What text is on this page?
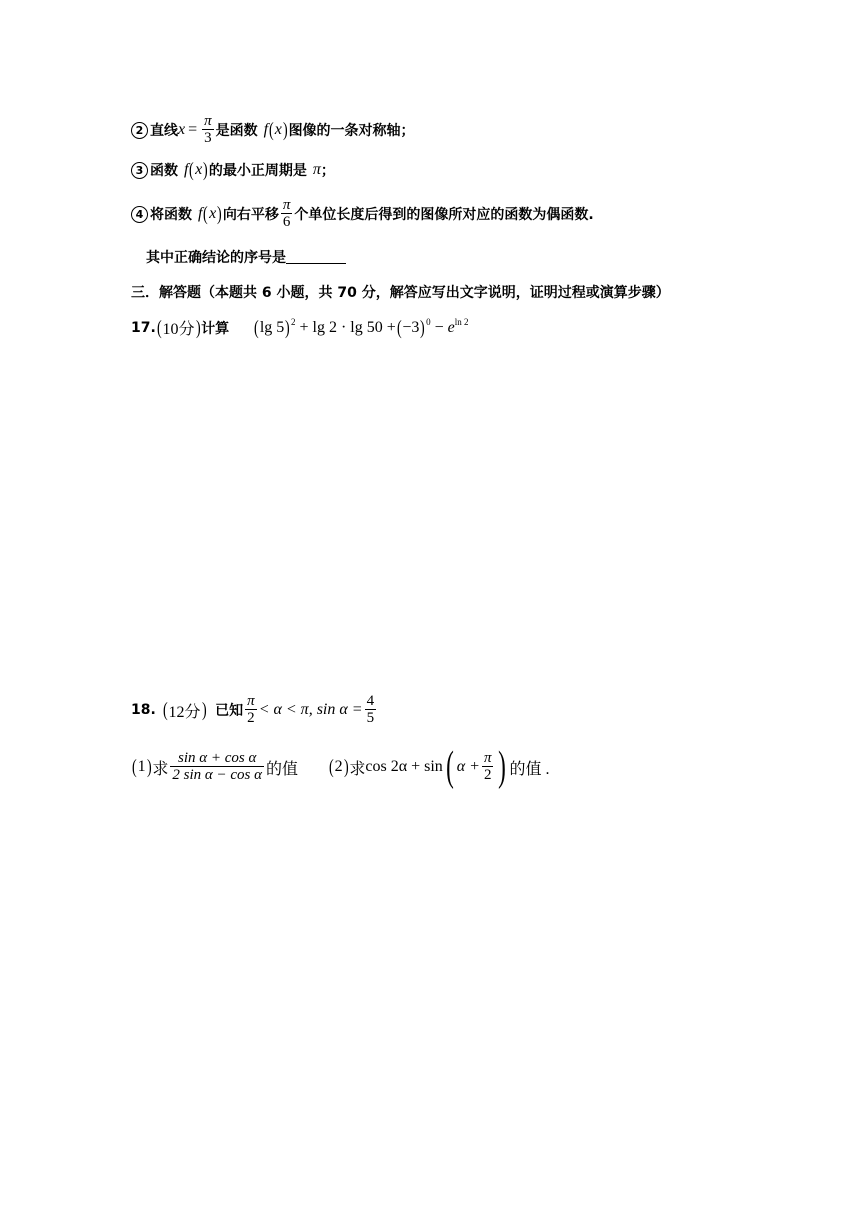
2 直线 $x = \frac{\pi}{3}$ 是函数 f ( x ) 图像的一条对称轴；
3 函数 f ( x ) 的最小正周期是 π ；
4 将函数 f ( x ) 向右平移 $\frac{\pi}{6}$ 个单位长度后得到的图像所对应的函数为偶函数.
其中正确结论的序号是
三．解答题（本题共 6 小题，共 70 分，解答应写出文字说明，证明过程或演算步骤）
17. ( 10分 ) 计算 ( lg 5 )$^2$ + lg 2 · lg 50 + ( −3 )$^0 - e^{ln 2}$
18. ( 12分 ) 已知 $\frac{\pi}{2} < \alpha < \pi$, $\sin \alpha = \frac{4}{5}$
( 1 ) 求 $\frac{\text{sin α + cos α}}{\text{2 sin α − cos α}}$ 的值 ( 2 ) 求 cos 2α + sin ( $\alpha + \frac{\pi}{2}$ ) 的值 .
